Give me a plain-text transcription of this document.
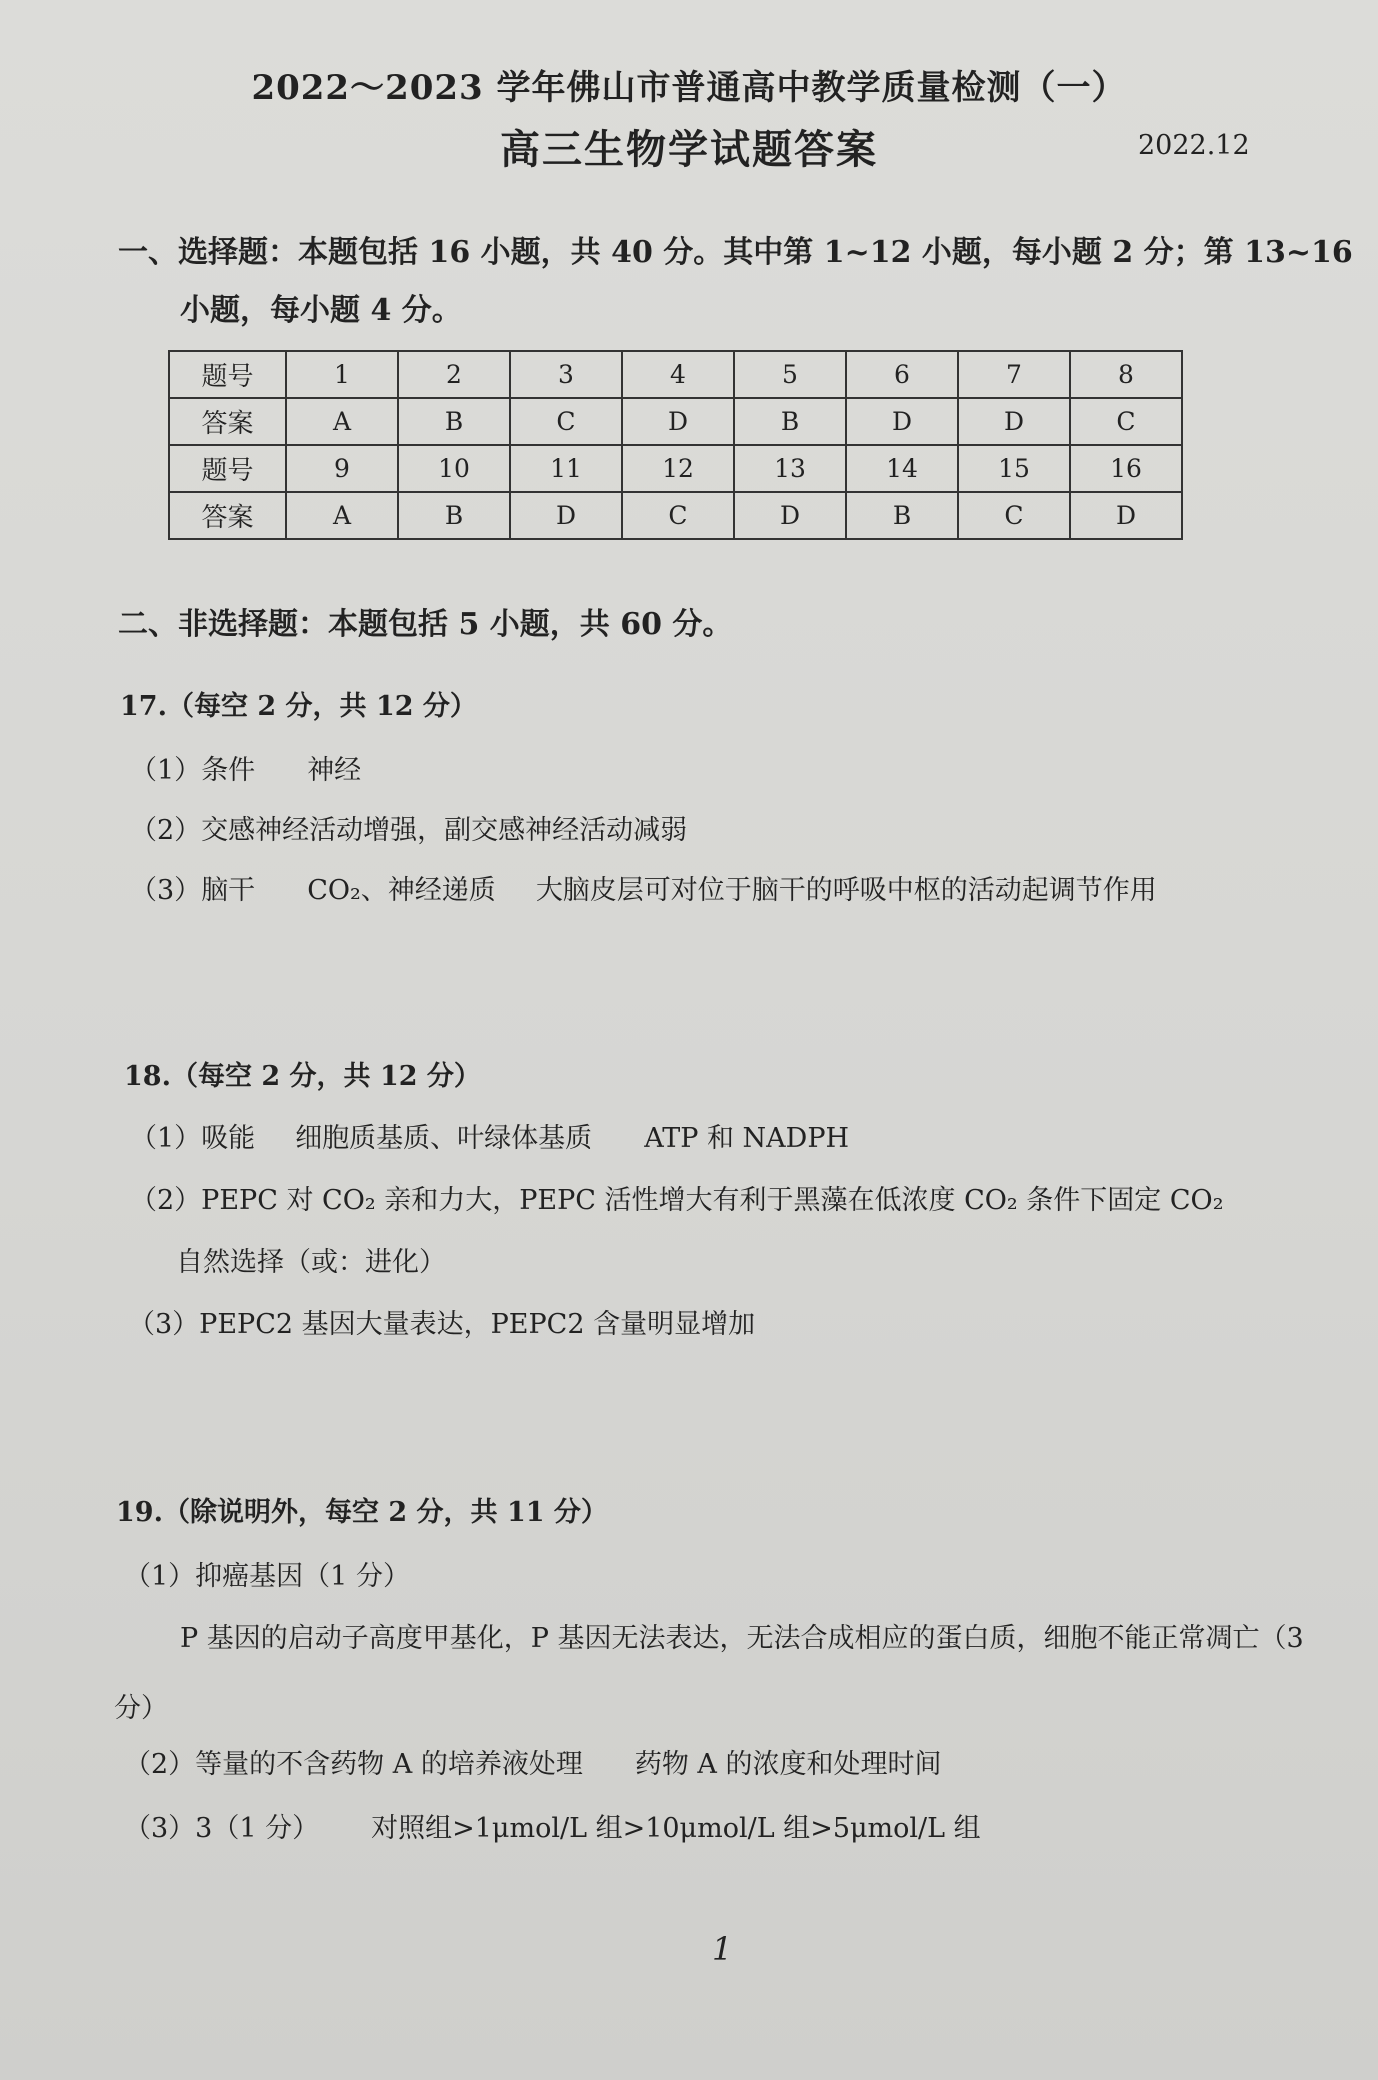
2022～2023 学年佛山市普通高中教学质量检测（一）
高三生物学试题答案	2022.12
一、选择题：本题包括 16 小题，共 40 分。其中第 1~12 小题，每小题 2 分；第 13~16
小题，每小题 4 分。
题号	1	2	3	4	5	6	7	8
答案	A	B	C	D	B	D	D	C
题号	9	10	11	12	13	14	15	16
答案	A	B	D	C	D	B	C	D
二、非选择题：本题包括 5 小题，共 60 分。
17.（每空 2 分，共 12 分）
（1）条件 神经
（2）交感神经活动增强，副交感神经活动减弱
（3）脑干 CO₂、神经递质 大脑皮层可对位于脑干的呼吸中枢的活动起调节作用
18.（每空 2 分，共 12 分）
（1）吸能 细胞质基质、叶绿体基质 ATP 和 NADPH
（2）PEPC 对 CO₂ 亲和力大，PEPC 活性增大有利于黑藻在低浓度 CO₂ 条件下固定 CO₂
自然选择（或：进化）
（3）PEPC2 基因大量表达，PEPC2 含量明显增加
19.（除说明外，每空 2 分，共 11 分）
（1）抑癌基因（1 分）
P 基因的启动子高度甲基化，P 基因无法表达，无法合成相应的蛋白质，细胞不能正常凋亡（3
分）
（2）等量的不含药物 A 的培养液处理 药物 A 的浓度和处理时间
（3）3（1 分） 对照组>1μmol/L 组>10μmol/L 组>5μmol/L 组
1
